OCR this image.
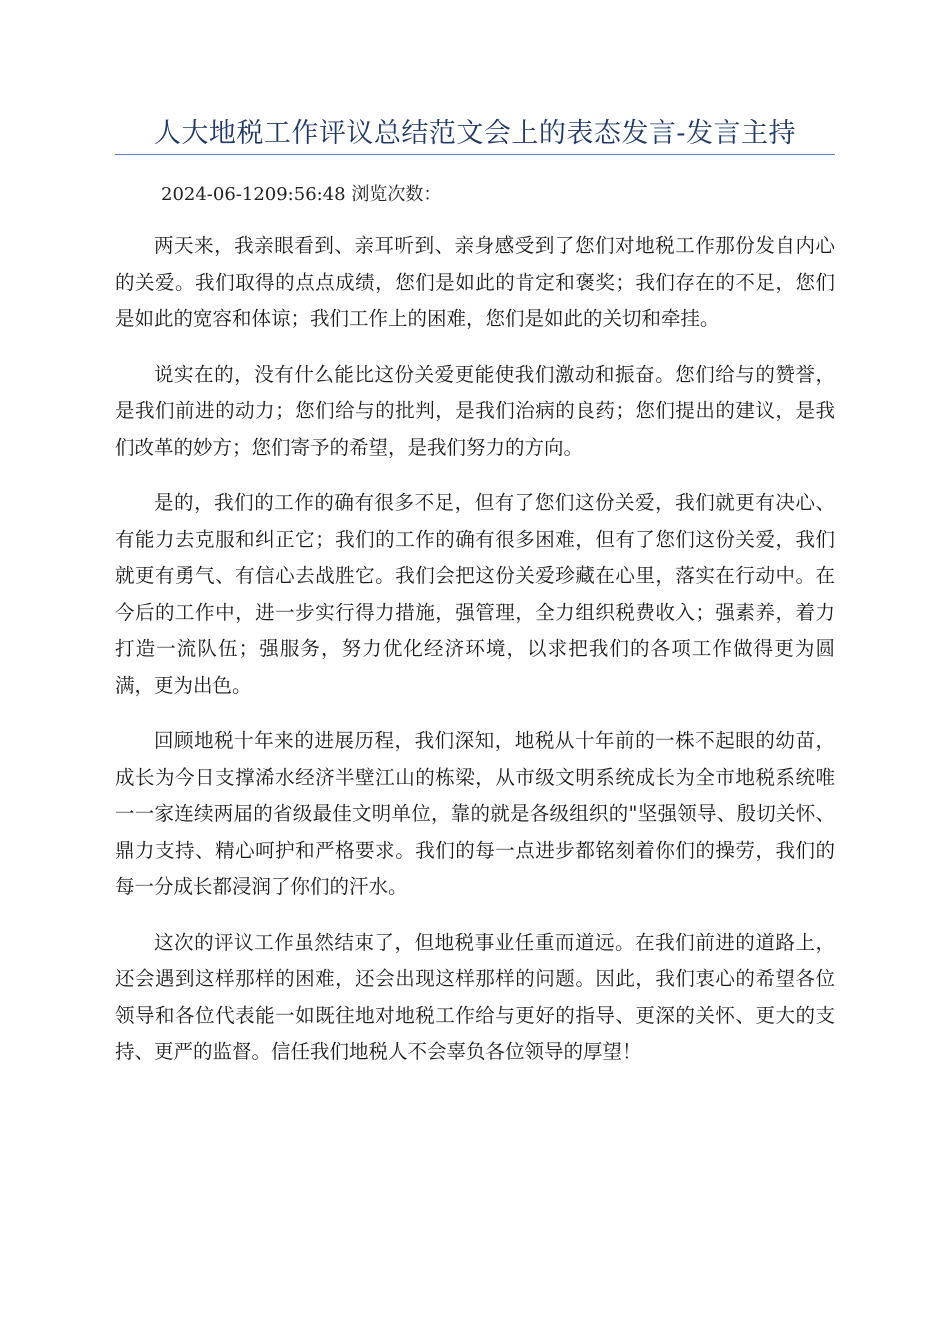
人大地税工作评议总结范文会上的表态发言-发言主持
2024-06-1209:56:48 浏览次数：

两天来，我亲眼看到、亲耳听到、亲身感受到了您们对地税工作那份发自内心的关爱。我们取得的点点成绩，您们是如此的肯定和褒奖；我们存在的不足，您们是如此的宽容和体谅；我们工作上的困难，您们是如此的关切和牵挂。

说实在的，没有什么能比这份关爱更能使我们激动和振奋。您们给与的赞誉，是我们前进的动力；您们给与的批判，是我们治病的良药；您们提出的建议，是我们改革的妙方；您们寄予的希望，是我们努力的方向。

是的，我们的工作的确有很多不足，但有了您们这份关爱，我们就更有决心、有能力去克服和纠正它；我们的工作的确有很多困难，但有了您们这份关爱，我们就更有勇气、有信心去战胜它。我们会把这份关爱珍藏在心里，落实在行动中。在今后的工作中，进一步实行得力措施，强管理，全力组织税费收入；强素养，着力打造一流队伍；强服务，努力优化经济环境，以求把我们的各项工作做得更为圆满，更为出色。

回顾地税十年来的进展历程，我们深知，地税从十年前的一株不起眼的幼苗，成长为今日支撑浠水经济半壁江山的栋梁，从市级文明系统成长为全市地税系统唯一一家连续两届的省级最佳文明单位，靠的就是各级组织的"坚强领导、殷切关怀、鼎力支持、精心呵护和严格要求。我们的每一点进步都铭刻着你们的操劳，我们的每一分成长都浸润了你们的汗水。

这次的评议工作虽然结束了，但地税事业任重而道远。在我们前进的道路上，还会遇到这样那样的困难，还会出现这样那样的问题。因此，我们衷心的希望各位领导和各位代表能一如既往地对地税工作给与更好的指导、更深的关怀、更大的支持、更严的监督。信任我们地税人不会辜负各位领导的厚望！
